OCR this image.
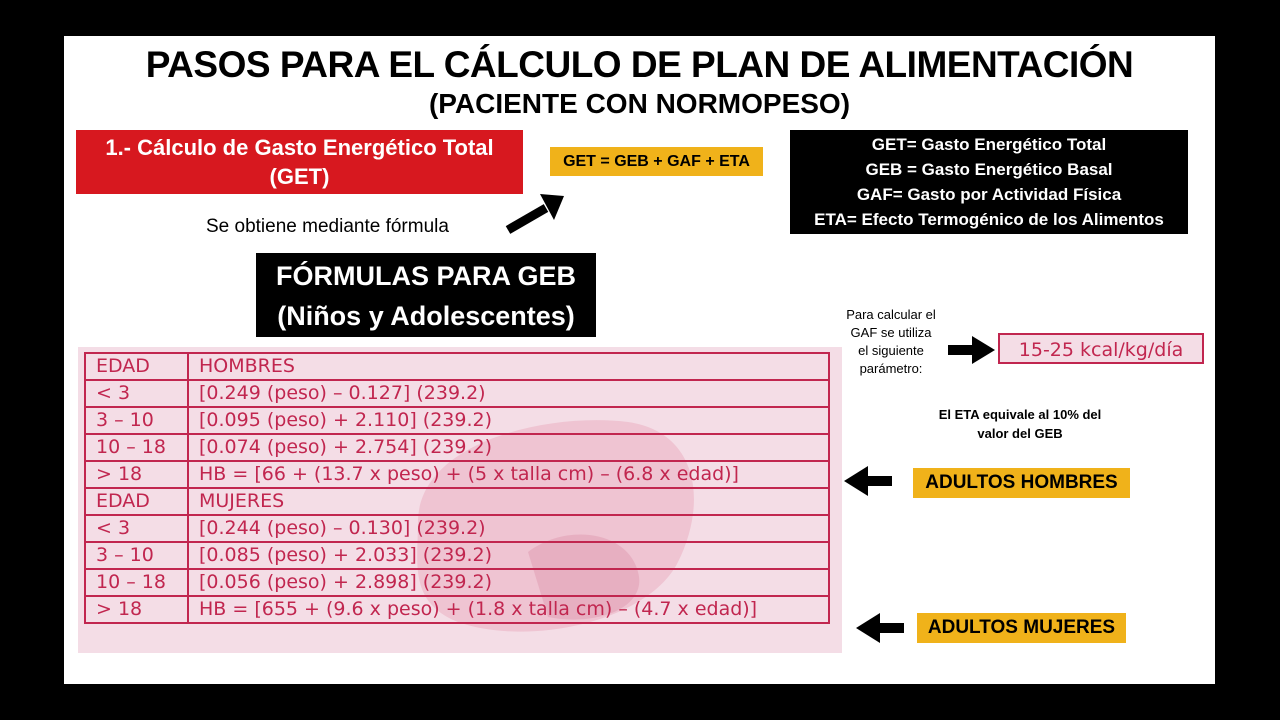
PASOS PARA EL CÁLCULO DE PLAN DE ALIMENTACIÓN
(PACIENTE CON NORMOPESO)
1.- Cálculo de Gasto Energético Total
(GET)
GET = GEB + GAF + ETA
GET= Gasto Energético Total
GEB = Gasto Energético Basal
GAF= Gasto por Actividad Física
ETA= Efecto Termogénico de los Alimentos
Se obtiene mediante fórmula
FÓRMULAS PARA GEB
(Niños y Adolescentes)
EDAD	HOMBRES
< 3	[0.249 (peso) – 0.127] (239.2)
3 – 10	[0.095 (peso) + 2.110] (239.2)
10 – 18	[0.074 (peso) + 2.754] (239.2)
> 18	HB = [66 + (13.7 x peso) + (5 x talla cm) – (6.8 x edad)]
EDAD	MUJERES
< 3	[0.244 (peso) – 0.130] (239.2)
3 – 10	[0.085 (peso) + 2.033] (239.2)
10 – 18	[0.056 (peso) + 2.898] (239.2)
> 18	HB = [655 + (9.6 x peso) + (1.8 x talla cm) – (4.7 x edad)]
Para calcular el
GAF se utiliza
el siguiente
parámetro:
15-25 kcal/kg/día
El ETA equivale al 10% del
valor del GEB
ADULTOS HOMBRES
ADULTOS MUJERES
